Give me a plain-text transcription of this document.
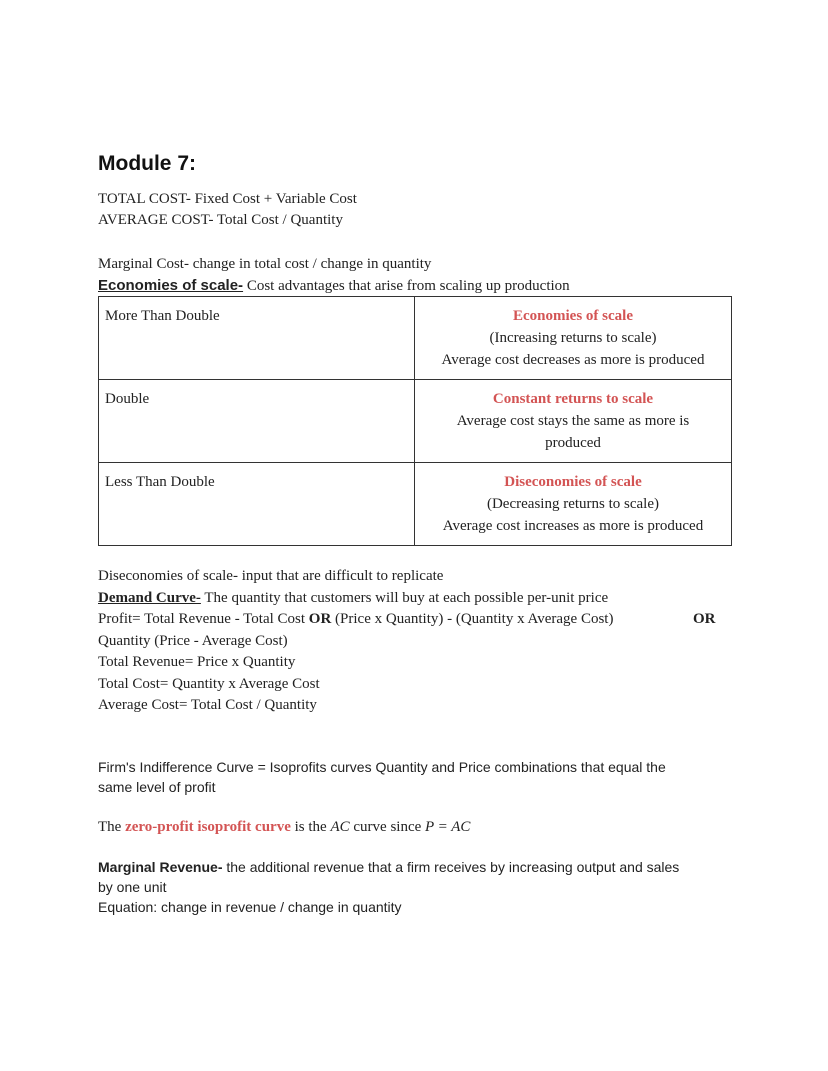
Module 7:
TOTAL COST- Fixed Cost + Variable Cost
AVERAGE COST- Total Cost / Quantity
Marginal Cost- change in total cost / change in quantity
Economies of scale- Cost advantages that arise from scaling up production
More Than Double	Economies of scale
(Increasing returns to scale)
Average cost decreases as more is produced

Double	Constant returns to scale
Average cost stays the same as more is
produced

Less Than Double	Diseconomies of scale
(Decreasing returns to scale)
Average cost increases as more is produced
Diseconomies of scale- input that are difficult to replicate
Demand Curve- The quantity that customers will buy at each possible per-unit price
Profit= Total Revenue - Total Cost OR (Price x Quantity) - (Quantity x Average Cost)	OR
Quantity (Price - Average Cost)
Total Revenue= Price x Quantity
Total Cost= Quantity x Average Cost
Average Cost= Total Cost / Quantity
Firm's Indifference Curve = Isoprofits curves Quantity and Price combinations that equal the
same level of profit
The zero-profit isoprofit curve is the AC curve since P = AC
Marginal Revenue- the additional revenue that a firm receives by increasing output and sales
by one unit
Equation: change in revenue / change in quantity
